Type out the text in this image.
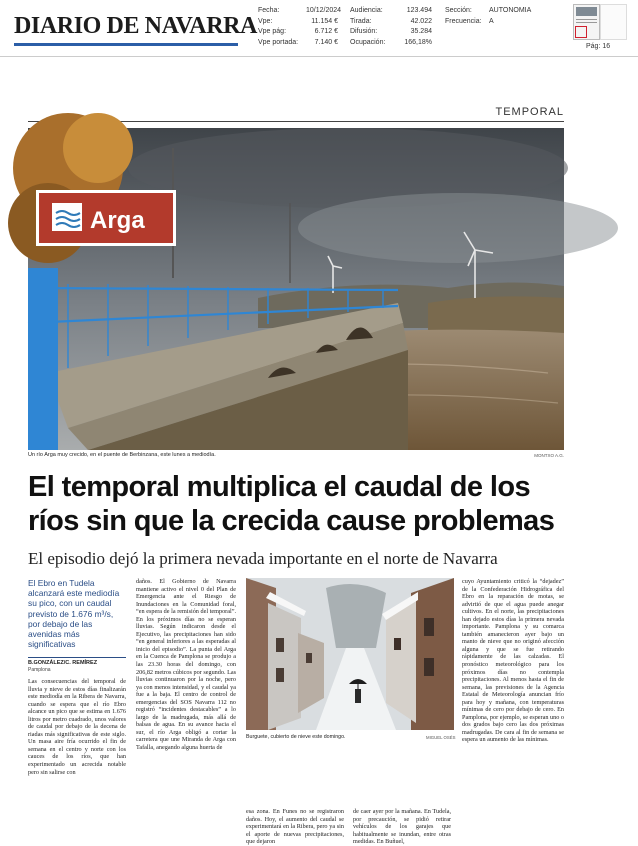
DIARIO DE NAVARRA
Fecha:	10/12/2024
Vpe:	11.154 €
Vpe pág:	6.712 €
Vpe portada: 7.140 €
Audiencia:	123.494
Tirada:	42.022
Difusión:	35.284
Ocupación:	166,18%
Sección: AUTONOMIA
Frecuencia: A
Pág: 16
TEMPORAL
Arga
Un río Arga muy crecido, en el puente de Berbinzana, este lunes a mediodía.	MONTXO A.G.
El temporal multiplica el caudal de los ríos sin que la crecida cause problemas
El episodio dejó la primera nevada importante en el norte de Navarra
El Ebro en Tudela alcanzará este mediodía su pico, con un caudal previsto de 1.676 m³/s, por debajo de las avenidas más significativas
B.GONZÁLEZ/C. REMÍREZ
Pamplona
Las consecuencias del temporal de lluvia y nieve de estos días finalizarán este mediodía en la Ribera de Navarra, cuando se espera que el río Ebro alcance un pico que se estima en 1.676 litros por metro cuadrado, unos valores de caudal por debajo de la decena de riadas más significativas de este siglo. Un masa aire fría ocurrido el fin de semana en el centro y norte con los cauces de los ríos, que han experimentado un acrecida notable pero sin salirse con
daños. El Gobierno de Navarra mantiene activo el nivel 0 del Plan de Emergencia ante el Riesgo de Inundaciones en la Comunidad foral, “en espera de la remisión del temporal”. En los próximos días no se esperan lluvias. Según indicaron desde el Ejecutivo, las precipitaciones han sido “en general inferiores a las esperadas al inicio del episodio”. La punta del Arga en la Cuenca de Pamplona se produjo a las 23.30 horas del domingo, con 206,82 metros cúbicos por segundo. Las lluvias continuaron por la noche, pero ya con menos intensidad, y el caudal ya fue a la baja. El centro de control de emergencias del SOS Navarra 112 no registró “incidentes destacables” a lo largo de la madrugada, más allá de balsas de agua. En su avance hacia el sur, el río Arga obligó a cortar la carretera que une Miranda de Arga con Tafalla, anegando alguna huerta de
Burguete, cubierto de nieve este domingo.	MIGUEL OSÉS
esa zona. En Funes no se registraron daños. Hoy, el aumento del caudal se experimentará en la Ribera, pero ya sin el aporte de nuevas precipitaciones, que dejaron
de caer ayer por la mañana. En Tudela, por precaución, se pidió retirar vehículos de los garajes que habitualmente se inundan, entre otras medidas. En Buñuel,
cuyo Ayuntamiento criticó la “dejadez” de la Confederación Hidrográfica del Ebro en la reparación de motas, se advirtió de que el agua puede anegar cultivos. En el norte, las precipitaciones han dejado estos días la primera nevada importante. Pamplona y su comarca también amanecieron ayer bajo un manto de nieve que no originó afección alguna y que se fue retirando rápidamente de las calzadas. El pronóstico meteorológico para los próximos días no contempla precipitaciones. Al menos hasta el fin de semana, las previsiones de la Agencia Estatal de Meteorología anuncian frío para hoy y mañana, con temperaturas mínimas de cero por debajo de cero. En Pamplona, por ejemplo, se esperan uno o dos grados bajo cero las dos próximas madrugadas. De cara al fin de semana se espera un aumento de las mínimas.
